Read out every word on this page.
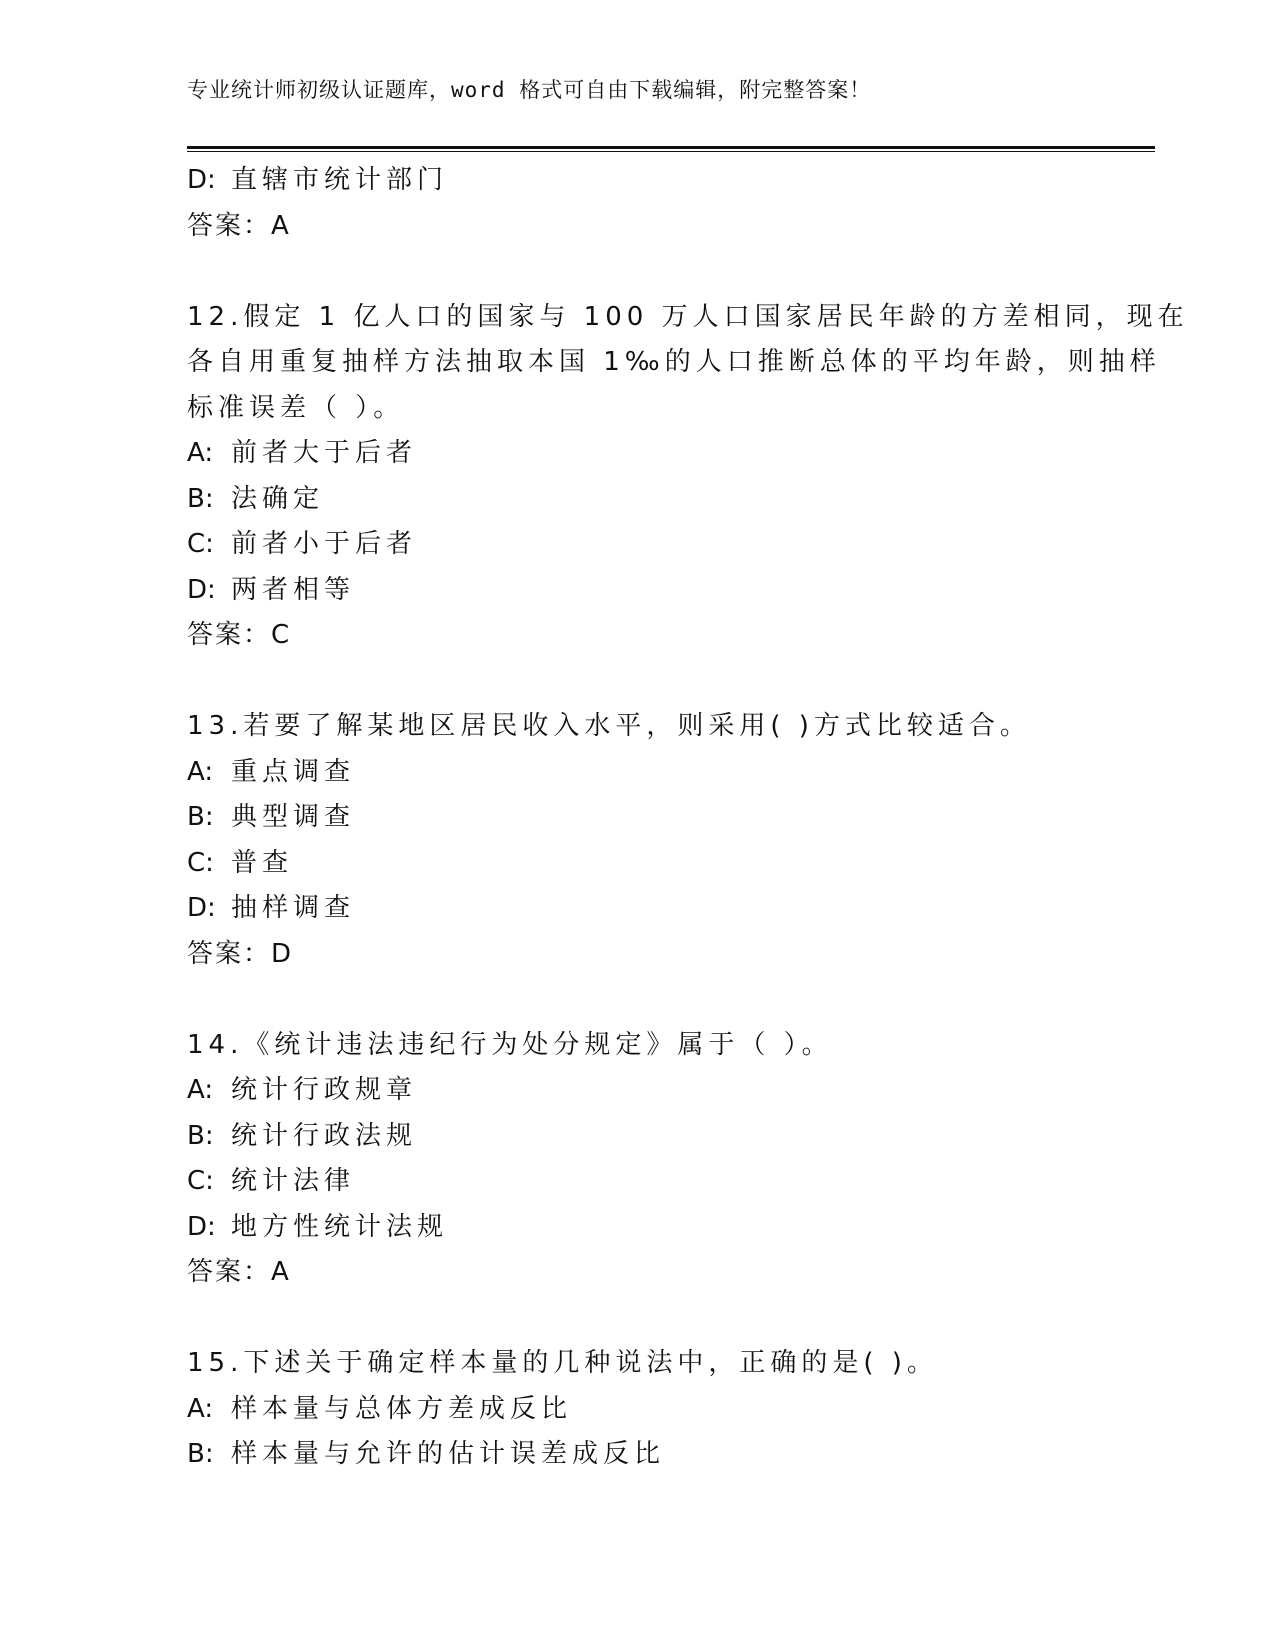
专业统计师初级认证题库，word 格式可自由下载编辑，附完整答案！
D: 直辖市统计部门
答案：A
12.假定 1 亿人口的国家与 100 万人口国家居民年龄的方差相同，现在
各自用重复抽样方法抽取本国 1‰的人口推断总体的平均年龄，则抽样
标准误差（ ）。
A: 前者大于后者
B: 法确定
C: 前者小于后者
D: 两者相等
答案：C
13.若要了解某地区居民收入水平，则采用( )方式比较适合。
A: 重点调查
B: 典型调查
C: 普查
D: 抽样调查
答案：D
14.《统计违法违纪行为处分规定》属于（ ）。
A: 统计行政规章
B: 统计行政法规
C: 统计法律
D: 地方性统计法规
答案：A
15.下述关于确定样本量的几种说法中，正确的是( )。
A: 样本量与总体方差成反比
B: 样本量与允许的估计误差成反比
